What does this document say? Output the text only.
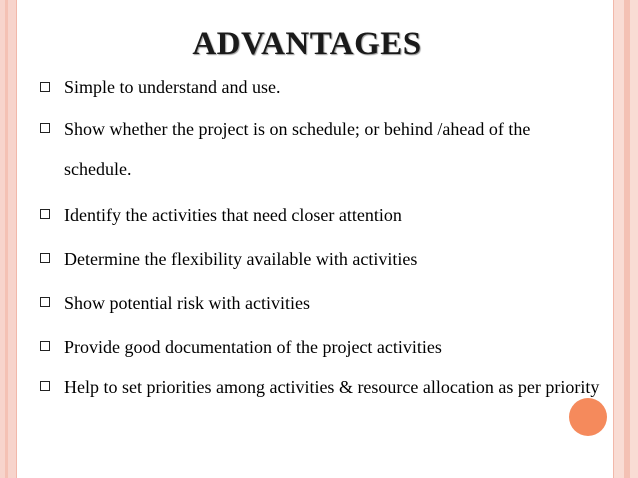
ADVANTAGES
Simple to understand and use.
Show whether the project is on schedule; or behind /ahead of the schedule.
Identify the activities that need closer attention
Determine the flexibility available with activities
Show potential risk with activities
Provide good documentation of the project activities
Help to set priorities among activities & resource allocation as per priority
